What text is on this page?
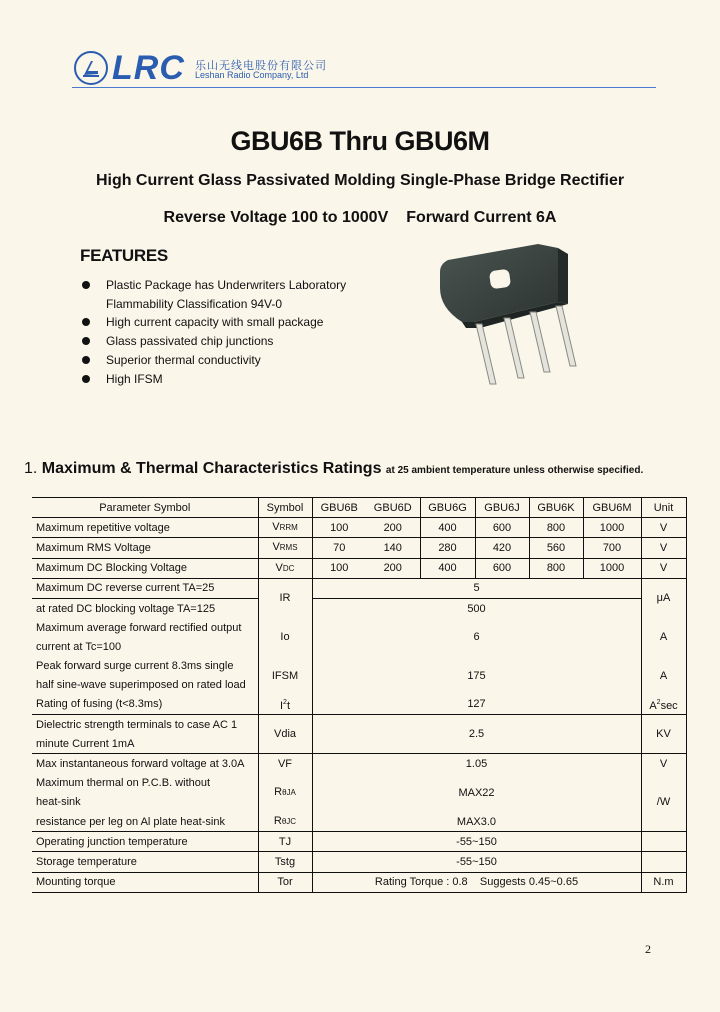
LRC 乐山无线电股份有限公司
Leshan Radio Company, Ltd
GBU6B Thru GBU6M
High Current Glass Passivated Molding Single-Phase Bridge Rectifier
Reverse Voltage 100 to 1000V Forward Current 6A
FEATURES
Plastic Package has Underwriters Laboratory
Flammability Classification 94V-0
High current capacity with small package
Glass passivated chip junctions
Superior thermal conductivity
High IFSM
1. Maximum & Thermal Characteristics Ratings at 25 ambient temperature unless otherwise specified.
Parameter Symbol	Symbol	GBU6B	GBU6D	GBU6G	GBU6J	GBU6K	GBU6M	Unit
Maximum repetitive voltage	VRRM	100	200	400	600	800	1000	V
Maximum RMS Voltage	VRMS	70	140	280	420	560	700	V
Maximum DC Blocking Voltage	VDC	100	200	400	600	800	1000	V
Maximum DC reverse current TA=25	IR	5						μA
at rated DC blocking voltage TA=125		500						
Maximum average forward rectified output	Io	6						A
current at Tc=100								
Peak forward surge current 8.3ms single	IFSM	175						A
half sine-wave superimposed on rated load								
Rating of fusing (t<8.3ms)	$I^2t$	127						$A^2\sec$
Dielectric strength terminals to case AC 1	Vdia	2.5						KV
minute Current 1mA								
Max instantaneous forward voltage at 3.0A	VF	1.05						V
Maximum thermal on P.C.B. without	RθJA	MAX22						/W
heat-sink								
resistance per leg on Al plate heat-sink	RθJC	MAX3.0						
Operating junction temperature	TJ	-55~150						
Storage temperature	Tstg	-55~150						
Mounting torque	Tor	Rating Torque : 0.8    Suggests 0.45~0.65						N.m
2
